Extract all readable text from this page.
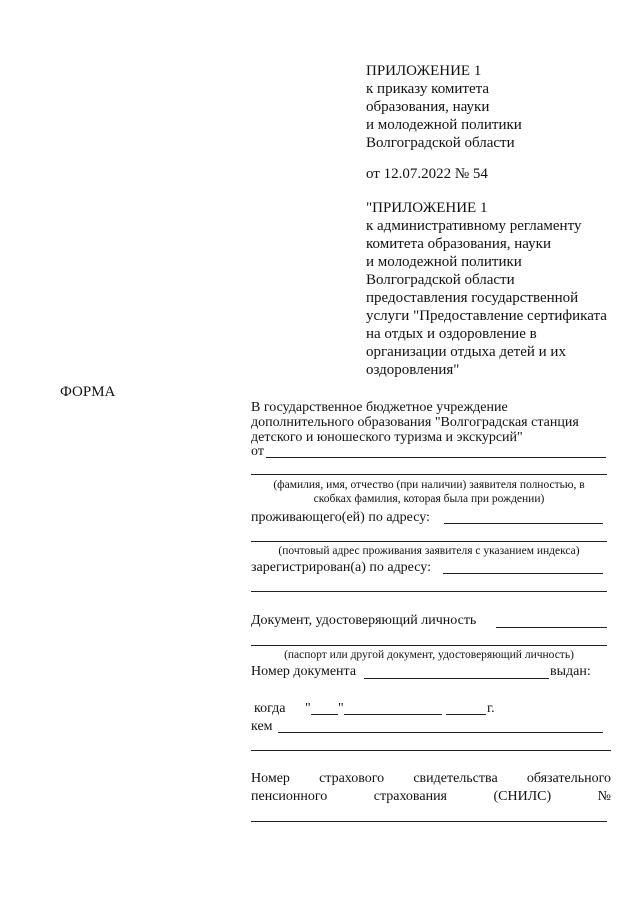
ПРИЛОЖЕНИЕ 1
к приказу комитета
образования, науки
и молодежной политики
Волгоградской области
от 12.07.2022 № 54
"ПРИЛОЖЕНИЕ 1
к административному регламенту
комитета образования, науки
и молодежной политики
Волгоградской области
предоставления государственной
услуги "Предоставление сертификата
на отдых и оздоровление в
организации отдыха детей и их
оздоровления"
ФОРМА
В государственное бюджетное учреждение
дополнительного образования "Волгоградская станция
детского и юношеского туризма и экскурсий"
от
(фамилия, имя, отчество (при наличии) заявителя полностью, в
скобках фамилия, которая была при рождении)
проживающего(ей) по адресу:
(почтовый адрес проживания заявителя с указанием индекса)
зарегистрирован(а) по адресу:
Документ, удостоверяющий личность
(паспорт или другой документ, удостоверяющий личность)
Номер документа	выдан:
когда " "	г.
кем
Номер страхового свидетельства обязательного
пенсионного	страхования	(СНИЛС)	№
